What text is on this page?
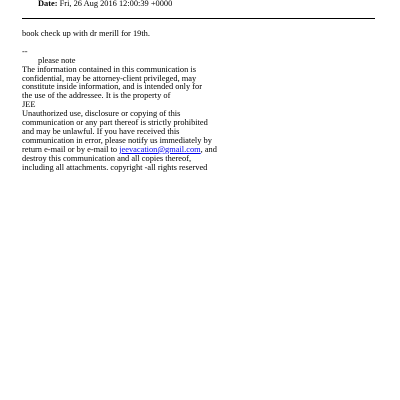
Date: Fri, 26 Aug 2016 12:00:39 +0000
book check up with dr merill for 19th.
--
please note
The information contained in this communication is
confidential, may be attorney-client privileged, may
constitute inside information, and is intended only for
the use of the addressee. It is the property of
JEE
Unauthorized use, disclosure or copying of this
communication or any part thereof is strictly prohibited
and may be unlawful. If you have received this
communication in error, please notify us immediately by
return e-mail or by e-mail to jeevacation@gmail.com, and
destroy this communication and all copies thereof,
including all attachments. copyright -all rights reserved
